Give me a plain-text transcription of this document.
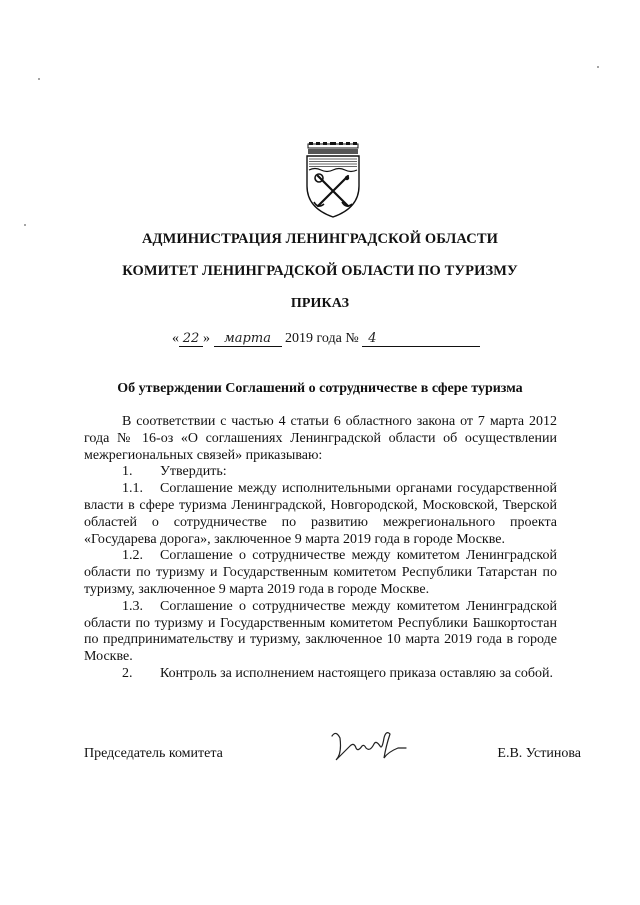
АДМИНИСТРАЦИЯ ЛЕНИНГРАДСКОЙ ОБЛАСТИ
КОМИТЕТ ЛЕНИНГРАДСКОЙ ОБЛАСТИ ПО ТУРИЗМУ
ПРИКАЗ
« 22 » марта 2019 года № 4
Об утверждении Соглашений о сотрудничестве в сфере туризма

В соответствии с частью 4 статьи 6 областного закона от 7 марта 2012 года № 16-оз «О соглашениях Ленинградской области об осуществлении межрегиональных связей» приказываю:

1. Утвердить:

1.1. Соглашение между исполнительными органами государственной власти в сфере туризма Ленинградской, Новгородской, Московской, Тверской областей о сотрудничестве по развитию межрегионального проекта «Государева дорога», заключенное 9 марта 2019 года в городе Москве.

1.2. Соглашение о сотрудничестве между комитетом Ленинградской области по туризму и Государственным комитетом Республики Татарстан по туризму, заключенное 9 марта 2019 года в городе Москве.

1.3. Соглашение о сотрудничестве между комитетом Ленинградской области по туризму и Государственным комитетом Республики Башкортостан по предпринимательству и туризму, заключенное 10 марта 2019 года в городе Москве.

2. Контроль за исполнением настоящего приказа оставляю за собой.

Председатель комитета	Е.В. Устинова
